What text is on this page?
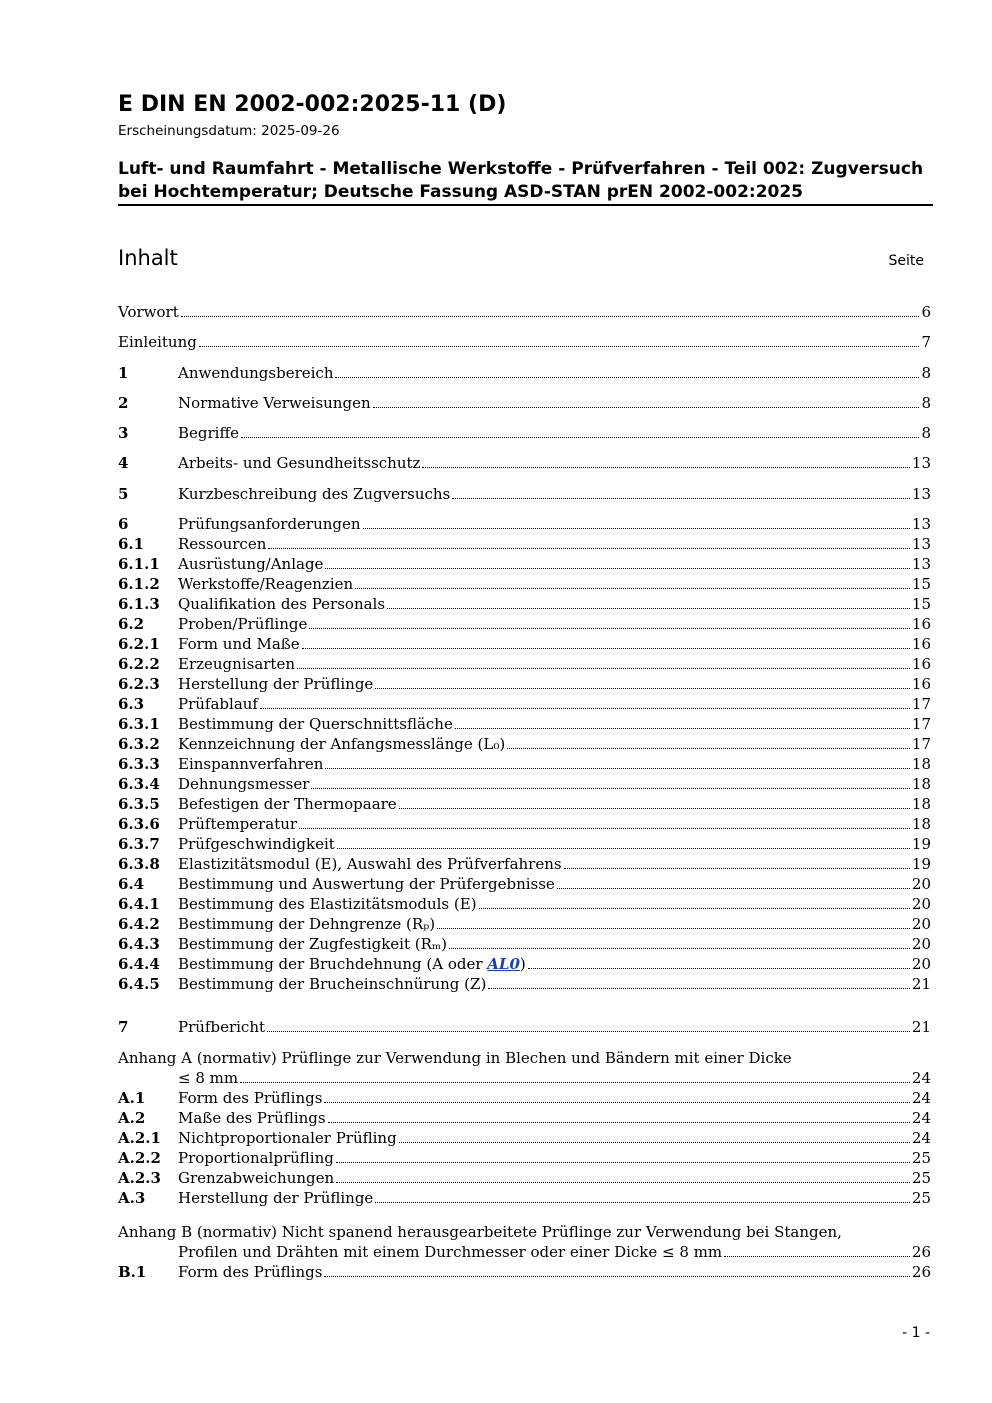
E DIN EN 2002-002:2025-11 (D)
Erscheinungsdatum: 2025-09-26
Luft- und Raumfahrt - Metallische Werkstoffe - Prüfverfahren - Teil 002: Zugversuch bei Hochtemperatur; Deutsche Fassung ASD-STAN prEN 2002-002:2025
Inhalt	Seite
Vorwort	6
Einleitung	7
1	Anwendungsbereich	8
2	Normative Verweisungen	8
3	Begriffe	8
4	Arbeits- und Gesundheitsschutz	13
5	Kurzbeschreibung des Zugversuchs	13
6	Prüfungsanforderungen	13
6.1 Ressourcen	13
6.1.1 Ausrüstung/Anlage	13
6.1.2 Werkstoffe/Reagenzien	15
6.1.3 Qualifikation des Personals	15
6.2 Proben/Prüflinge	16
6.2.1 Form und Maße	16
6.2.2 Erzeugnisarten	16
6.2.3 Herstellung der Prüflinge	16
6.3 Prüfablauf	17
6.3.1 Bestimmung der Querschnittsfläche	17
6.3.2 Kennzeichnung der Anfangsmesslänge (L₀)	17
6.3.3 Einspannverfahren	18
6.3.4 Dehnungsmesser	18
6.3.5 Befestigen der Thermopaare	18
6.3.6 Prüftemperatur	18
6.3.7 Prüfgeschwindigkeit	19
6.3.8 Elastizitätsmodul (E), Auswahl des Prüfverfahrens	19
6.4 Bestimmung und Auswertung der Prüfergebnisse	20
6.4.1 Bestimmung des Elastizitätsmoduls (E)	20
6.4.2 Bestimmung der Dehngrenze (Rₚ)	20
6.4.3 Bestimmung der Zugfestigkeit (Rₘ)	20
6.4.4 Bestimmung der Bruchdehnung (A oder AL0)	20
6.4.5 Bestimmung der Brucheinschnürung (Z)	21
7	Prüfbericht	21
Anhang A (normativ) Prüflinge zur Verwendung in Blechen und Bändern mit einer Dicke
≤ 8 mm	24
A.1 Form des Prüflings	24
A.2 Maße des Prüflings	24
A.2.1 Nichtproportionaler Prüfling	24
A.2.2 Proportionalprüfling	25
A.2.3 Grenzabweichungen	25
A.3 Herstellung der Prüflinge	25
Anhang B (normativ) Nicht spanend herausgearbeitete Prüflinge zur Verwendung bei Stangen,
Profilen und Drähten mit einem Durchmesser oder einer Dicke ≤ 8 mm	26
B.1 Form des Prüflings	26
- 1 -
